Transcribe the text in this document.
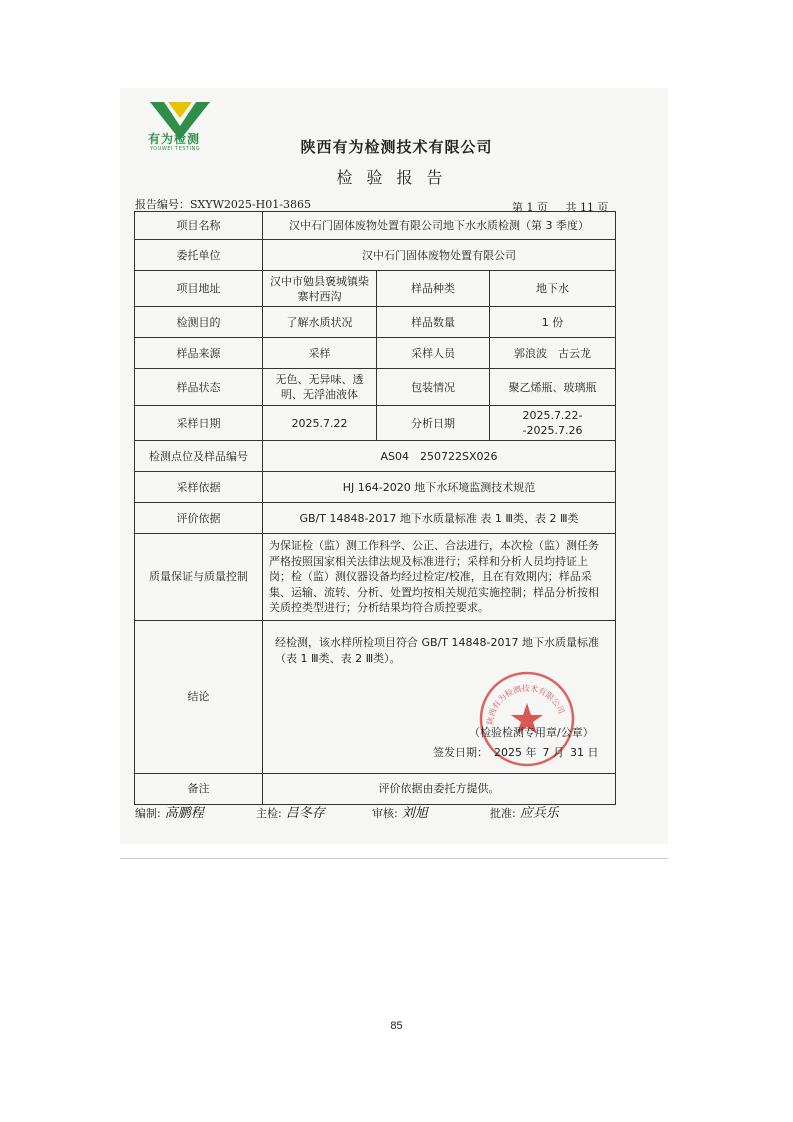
有为检测
YOUWEI TESTING	陕西有为检测技术有限公司
检验报告
报告编号：SXYW2025-H01-3865	第 1 页 共 11 页
项目名称	汉中石门固体废物处置有限公司地下水水质检测（第 3 季度）		
委托单位	汉中石门固体废物处置有限公司		
项目地址	汉中市勉县褒城镇柴寨村西沟	样品种类	地下水
检测目的	了解水质状况	样品数量	1 份
样品来源	采样	采样人员	郭浪波　古云龙
样品状态	无色、无异味、透明、无浮油液体	包装情况	聚乙烯瓶、玻璃瓶
采样日期	2025.7.22	分析日期	2025.7.22--2025.7.26
检测点位及样品编号	AS04　250722SX026		
采样依据	HJ 164-2020 地下水环境监测技术规范		
评价依据	GB/T 14848-2017 地下水质量标准 表 1 Ⅲ类、表 2 Ⅲ类		
质量保证与质量控制	为保证检（监）测工作科学、公正、合法进行，本次检（监）测任务严格按照国家相关法律法规及标准进行；采样和分析人员均持证上岗；检（监）测仪器设备均经过检定/校准，且在有效期内；样品采集、运输、流转、分析、处置均按相关规范实施控制；样品分析按相关质控类型进行；分析结果均符合质控要求。		
结论	经检测，该水样所检项目符合 GB/T 14848-2017 地下水质量标准（表 1 Ⅲ类、表 2 Ⅲ类）。
陕西有为检测技术有限公司
（检验检测专用章/公章）
签发日期： 2025 年 7 月 31 日		

备注	评价依据由委托方提供。		
编制: 高鹏程	主检: 吕冬存	审核: 刘旭	批准: 应兵乐
85
